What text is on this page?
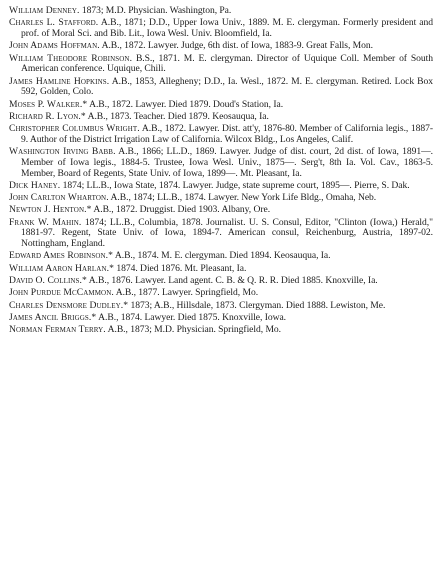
William Denney. 1873; M.D. Physician. Washington, Pa.

Charles L. Stafford. A.B., 1871; D.D., Upper Iowa Univ., 1889. M. E. clergyman. Formerly president and prof. of Moral Sci. and Bib. Lit., Iowa Wesl. Univ. Bloomfield, Ia.

John Adams Hoffman. A.B., 1872. Lawyer. Judge, 6th dist. of Iowa, 1883-9. Great Falls, Mon.

William Theodore Robinson. B.S., 1871. M. E. clergyman. Director of Uquique Coll. Member of South American conference. Uquique, Chili.

James Hamline Hopkins. A.B., 1853, Allegheny; D.D., Ia. Wesl., 1872. M. E. clergyman. Retired. Lock Box 592, Golden, Colo.

Moses P. Walker.* A.B., 1872. Lawyer. Died 1879. Doud's Station, Ia.

Richard R. Lyon.* A.B., 1873. Teacher. Died 1879. Keosauqua, Ia.

Christopher Columbus Wright. A.B., 1872. Lawyer. Dist. att'y, 1876-80. Member of California legis., 1887-9. Author of the District Irrigation Law of California. Wilcox Bldg., Los Angeles, Calif.

Washington Irving Babb. A.B., 1866; LL.D., 1869. Lawyer. Judge of dist. court, 2d dist. of Iowa, 1891—. Member of Iowa legis., 1884-5. Trustee, Iowa Wesl. Univ., 1875—. Serg't, 8th Ia. Vol. Cav., 1863-5. Member, Board of Regents, State Univ. of Iowa, 1899—. Mt. Pleasant, Ia.

Dick Haney. 1874; LL.B., Iowa State, 1874. Lawyer. Judge, state supreme court, 1895—. Pierre, S. Dak.

John Carlton Wharton. A.B., 1874; LL.B., 1874. Lawyer. New York Life Bldg., Omaha, Neb.

Newton J. Henton.* A.B., 1872. Druggist. Died 1903. Albany, Ore.

Frank W. Mahin. 1874; LL.B., Columbia, 1878. Journalist. U. S. Consul, Editor, "Clinton (Iowa,) Herald," 1881-97. Regent, State Univ. of Iowa, 1894-7. American consul, Reichenburg, Austria, 1897-02. Nottingham, England.

Edward Ames Robinson.* A.B., 1874. M. E. clergyman. Died 1894. Keosauqua, Ia.

William Aaron Harlan.* 1874. Died 1876. Mt. Pleasant, Ia.

David O. Collins.* A.B., 1876. Lawyer. Land agent. C. B. & Q. R. R. Died 1885. Knoxville, Ia.

John Purdue McCammon. A.B., 1877. Lawyer. Springfield, Mo.

Charles Densmore Dudley.* 1873; A.B., Hillsdale, 1873. Clergyman. Died 1888. Lewiston, Me.

James Ancil Briggs.* A.B., 1874. Lawyer. Died 1875. Knoxville, Iowa.

Norman Ferman Terry. A.B., 1873; M.D. Physician. Springfield, Mo.
